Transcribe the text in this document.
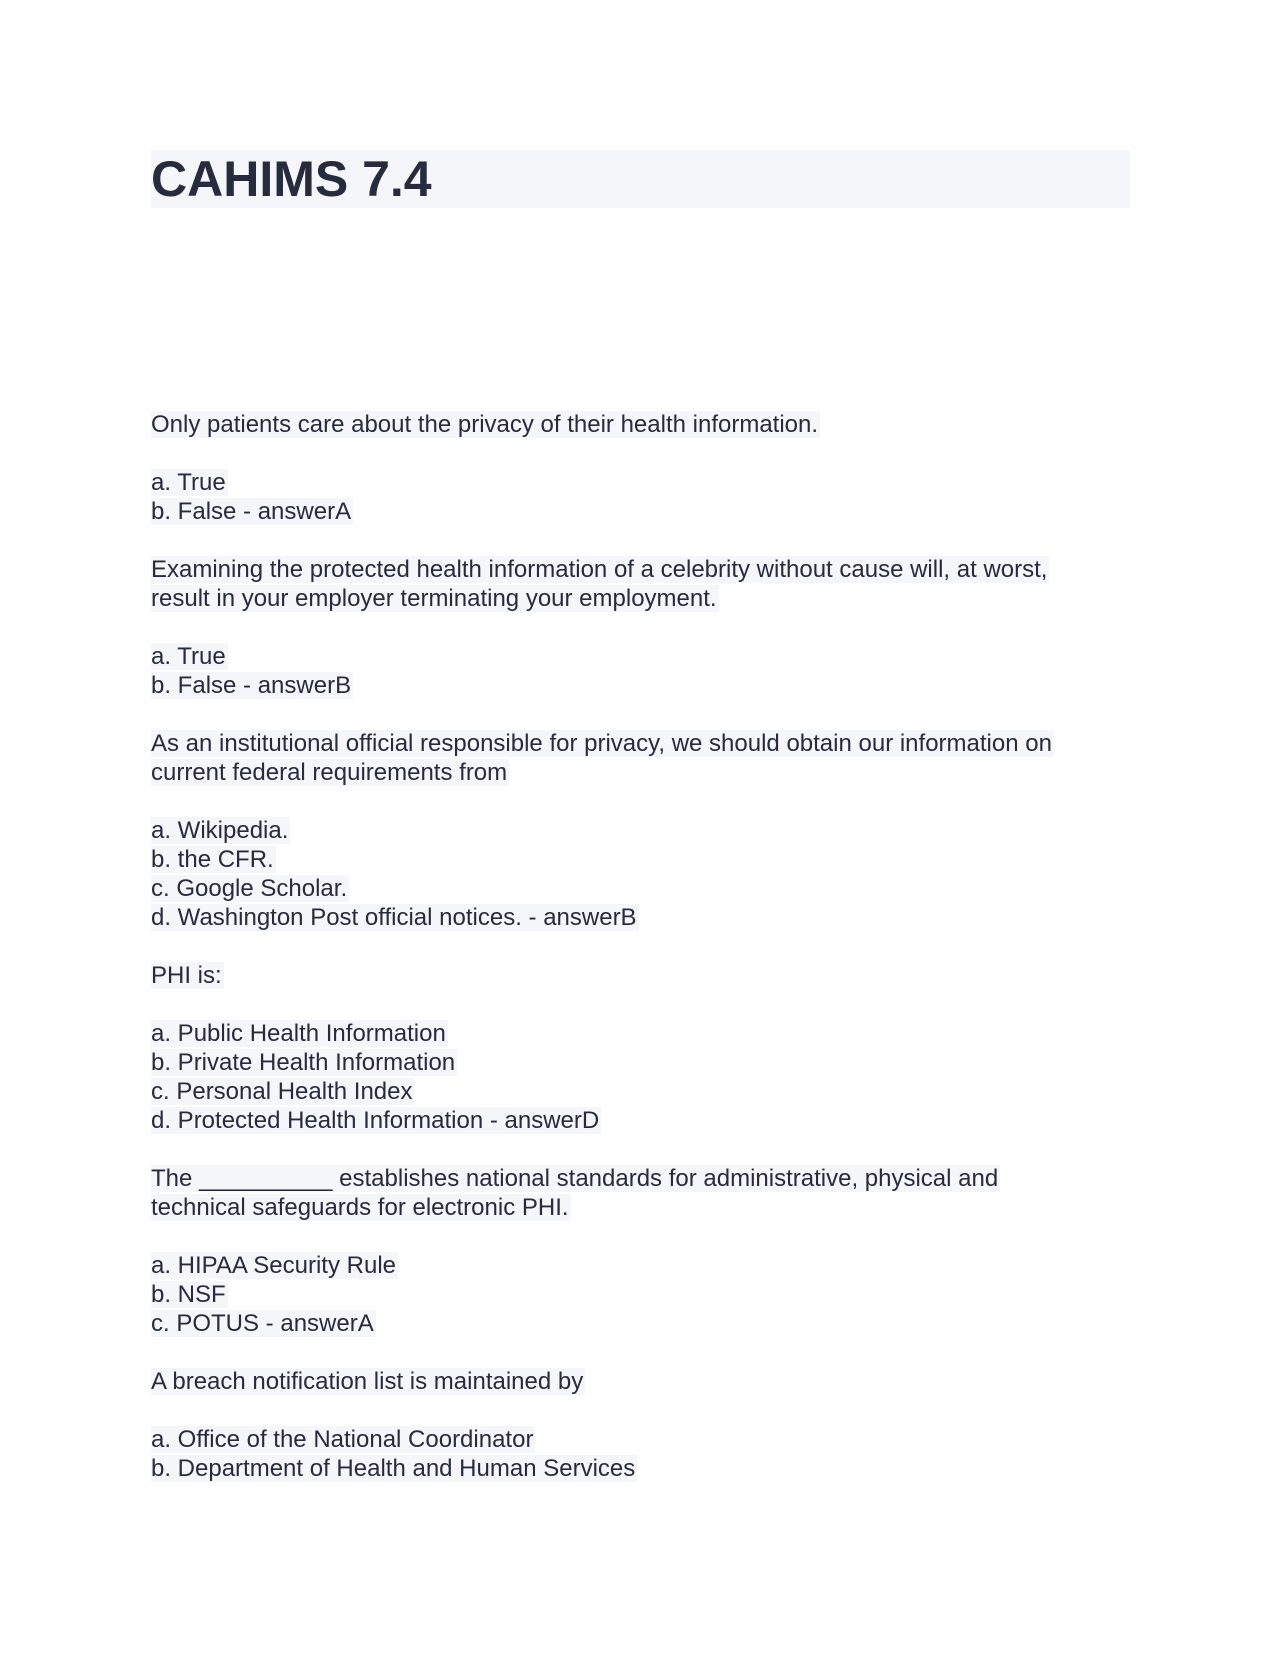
CAHIMS 7.4
Only patients care about the privacy of their health information.
a. True
b. False - answerA
Examining the protected health information of a celebrity without cause will, at worst,
result in your employer terminating your employment.
a. True
b. False - answerB
As an institutional official responsible for privacy, we should obtain our information on
current federal requirements from
a. Wikipedia.
b. the CFR.
c. Google Scholar.
d. Washington Post official notices. - answerB
PHI is:
a. Public Health Information
b. Private Health Information
c. Personal Health Index
d. Protected Health Information - answerD
The __________ establishes national standards for administrative, physical and
technical safeguards for electronic PHI.
a. HIPAA Security Rule
b. NSF
c. POTUS - answerA
A breach notification list is maintained by
a. Office of the National Coordinator
b. Department of Health and Human Services
